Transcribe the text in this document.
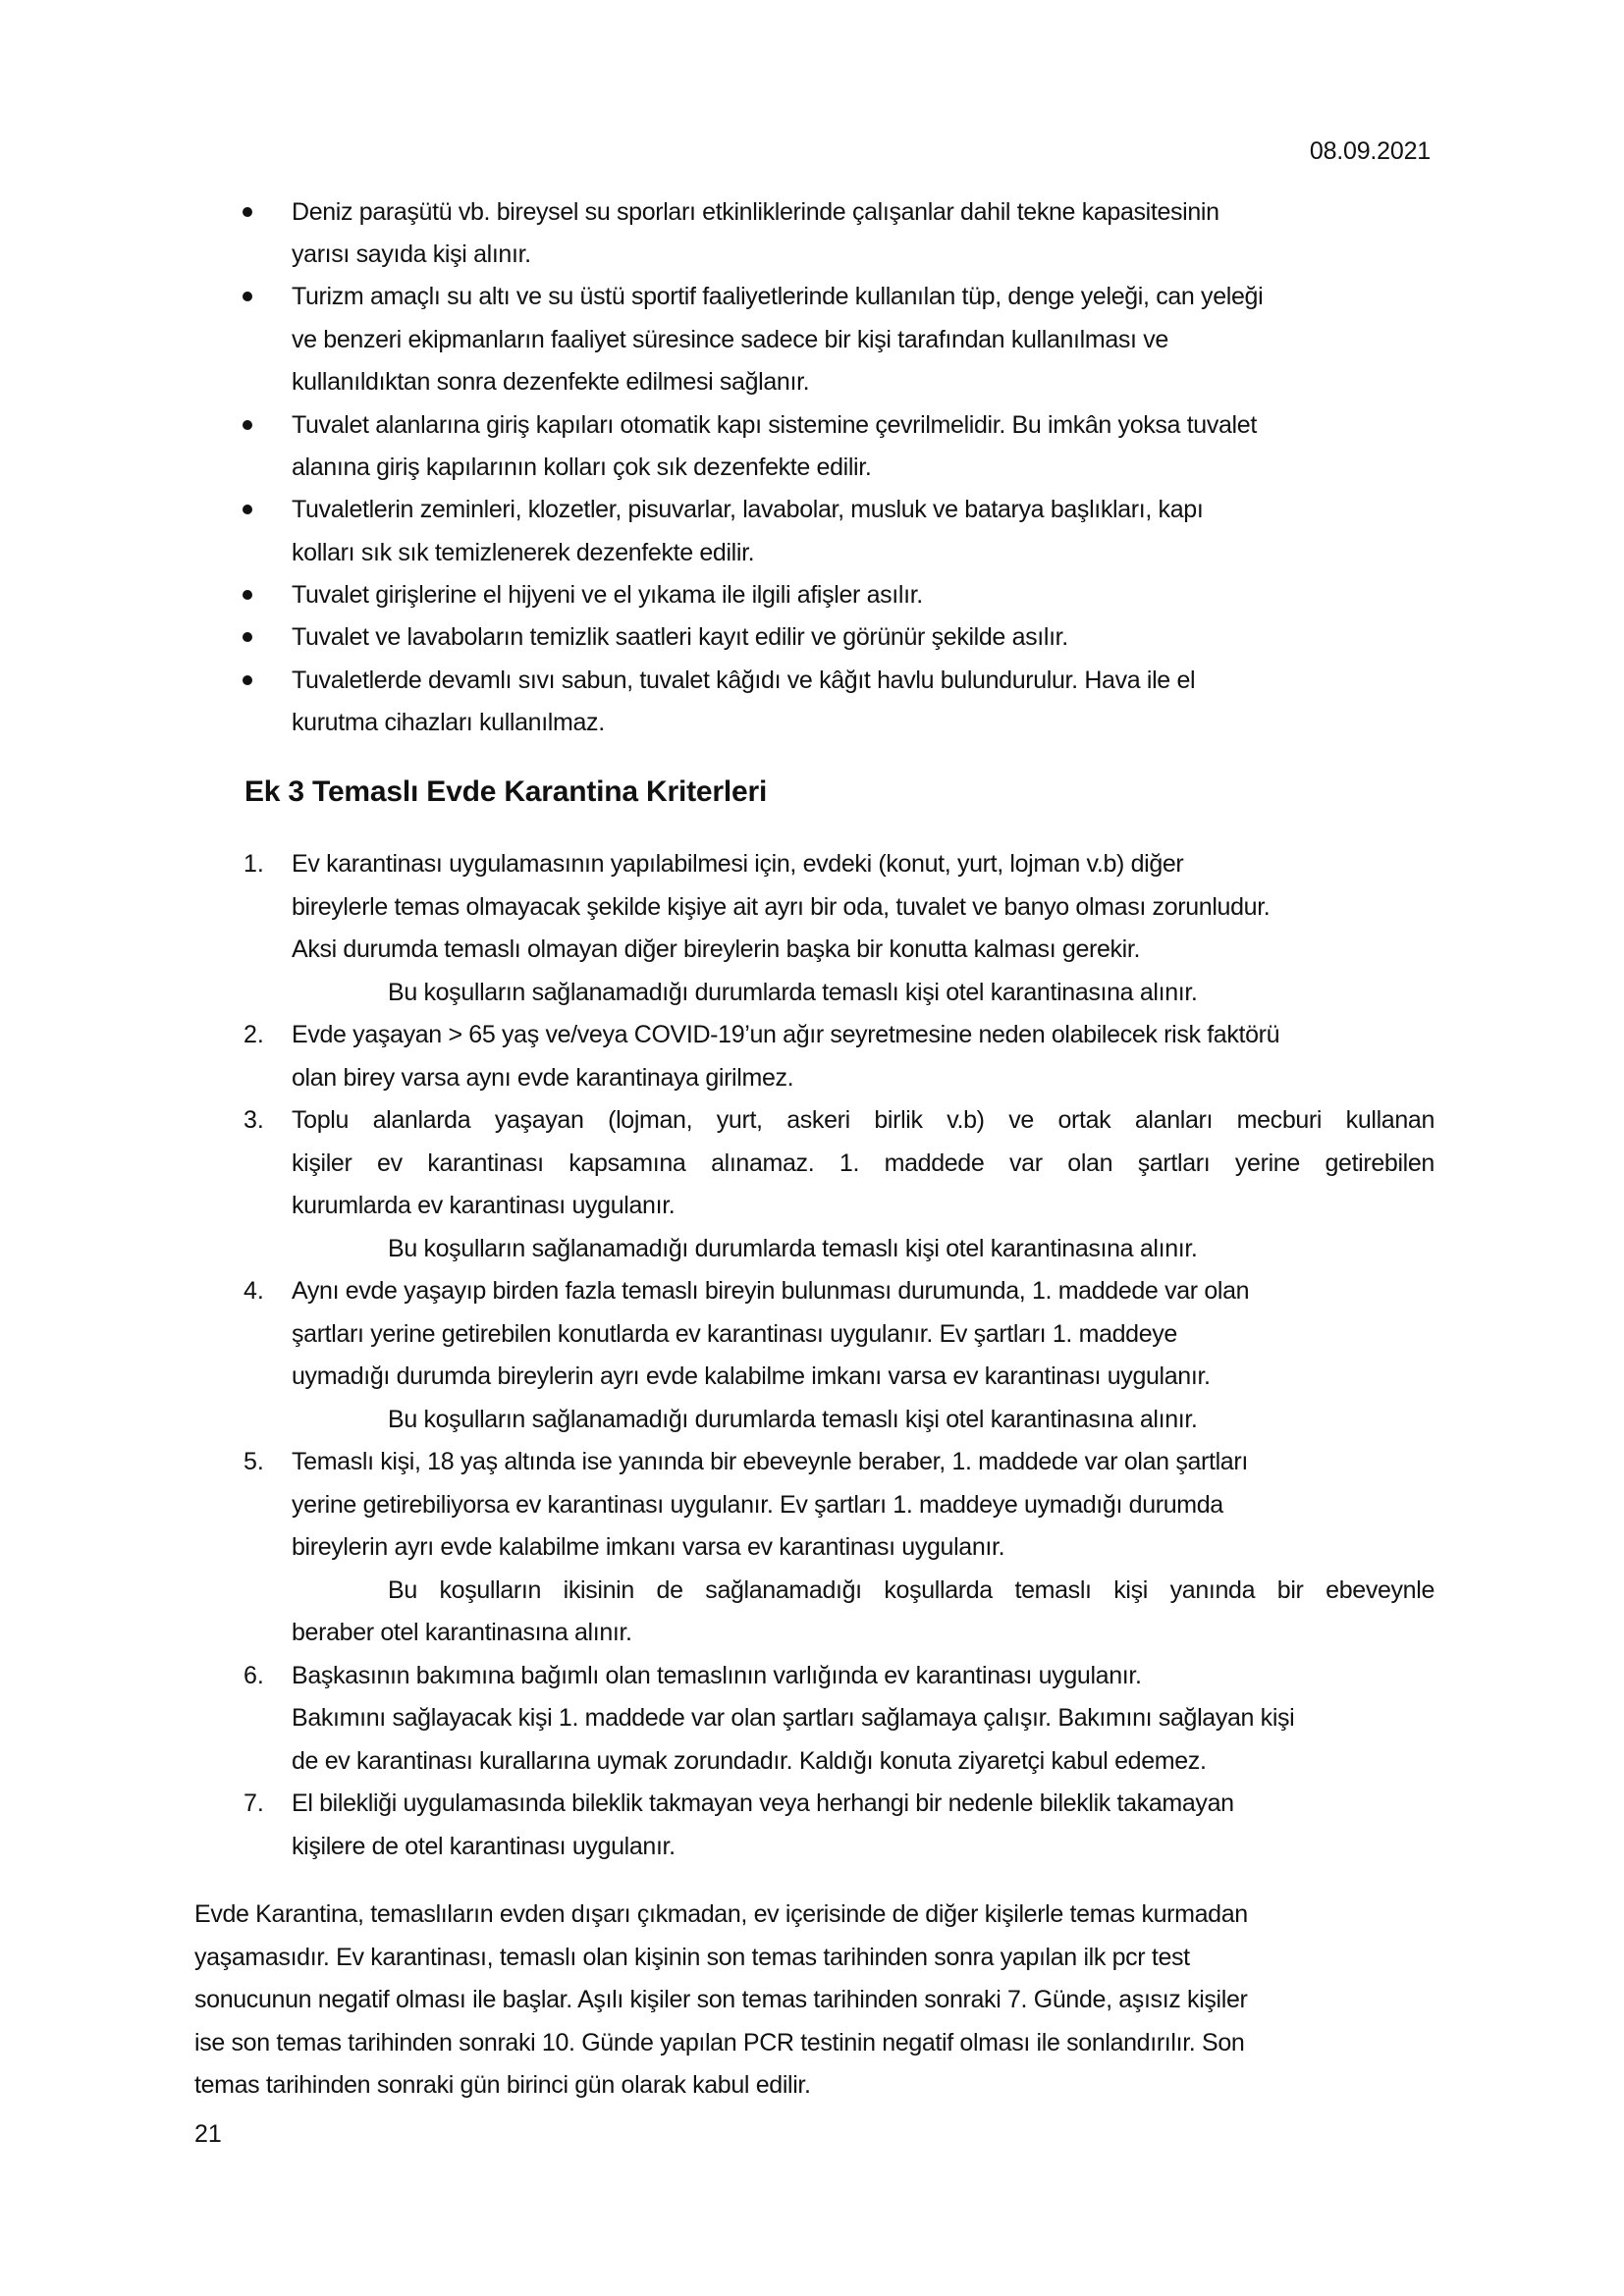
08.09.2021
Deniz paraşütü vb. bireysel su sporları etkinliklerinde çalışanlar dahil tekne kapasitesinin
yarısı sayıda kişi alınır.
Turizm amaçlı su altı ve su üstü sportif faaliyetlerinde kullanılan tüp, denge yeleği, can yeleği
ve benzeri ekipmanların faaliyet süresince sadece bir kişi tarafından kullanılması ve
kullanıldıktan sonra dezenfekte edilmesi sağlanır.
Tuvalet alanlarına giriş kapıları otomatik kapı sistemine çevrilmelidir. Bu imkân yoksa tuvalet
alanına giriş kapılarının kolları çok sık dezenfekte edilir.
Tuvaletlerin zeminleri, klozetler, pisuvarlar, lavabolar, musluk ve batarya başlıkları, kapı
kolları sık sık temizlenerek dezenfekte edilir.
Tuvalet girişlerine el hijyeni ve el yıkama ile ilgili afişler asılır.
Tuvalet ve lavaboların temizlik saatleri kayıt edilir ve görünür şekilde asılır.
Tuvaletlerde devamlı sıvı sabun, tuvalet kâğıdı ve kâğıt havlu bulundurulur. Hava ile el
kurutma cihazları kullanılmaz.
Ek 3 Temaslı Evde Karantina Kriterleri
1. Ev karantinası uygulamasının yapılabilmesi için, evdeki (konut, yurt, lojman v.b) diğer
bireylerle temas olmayacak şekilde kişiye ait ayrı bir oda, tuvalet ve banyo olması zorunludur.
Aksi durumda temaslı olmayan diğer bireylerin başka bir konutta kalması gerekir.
Bu koşulların sağlanamadığı durumlarda temaslı kişi otel karantinasına alınır.
2. Evde yaşayan > 65 yaş ve/veya COVID-19’un ağır seyretmesine neden olabilecek risk faktörü
olan birey varsa aynı evde karantinaya girilmez.
3. Toplu alanlarda yaşayan (lojman, yurt, askeri birlik v.b) ve ortak alanları mecburi kullanan
kişiler ev karantinası kapsamına alınamaz. 1. maddede var olan şartları yerine getirebilen
kurumlarda ev karantinası uygulanır.
Bu koşulların sağlanamadığı durumlarda temaslı kişi otel karantinasına alınır.
4. Aynı evde yaşayıp birden fazla temaslı bireyin bulunması durumunda, 1. maddede var olan
şartları yerine getirebilen konutlarda ev karantinası uygulanır. Ev şartları 1. maddeye
uymadığı durumda bireylerin ayrı evde kalabilme imkanı varsa ev karantinası uygulanır.
Bu koşulların sağlanamadığı durumlarda temaslı kişi otel karantinasına alınır.
5. Temaslı kişi, 18 yaş altında ise yanında bir ebeveynle beraber, 1. maddede var olan şartları
yerine getirebiliyorsa ev karantinası uygulanır. Ev şartları 1. maddeye uymadığı durumda
bireylerin ayrı evde kalabilme imkanı varsa ev karantinası uygulanır.
Bu koşulların ikisinin de sağlanamadığı koşullarda temaslı kişi yanında bir ebeveynle
beraber otel karantinasına alınır.
6. Başkasının bakımına bağımlı olan temaslının varlığında ev karantinası uygulanır.
Bakımını sağlayacak kişi 1. maddede var olan şartları sağlamaya çalışır. Bakımını sağlayan kişi
de ev karantinası kurallarına uymak zorundadır. Kaldığı konuta ziyaretçi kabul edemez.
7. El bilekliği uygulamasında bileklik takmayan veya herhangi bir nedenle bileklik takamayan
kişilere de otel karantinası uygulanır.
Evde Karantina, temaslıların evden dışarı çıkmadan, ev içerisinde de diğer kişilerle temas kurmadan
yaşamasıdır. Ev karantinası, temaslı olan kişinin son temas tarihinden sonra yapılan ilk pcr test
sonucunun negatif olması ile başlar. Aşılı kişiler son temas tarihinden sonraki 7. Günde, aşısız kişiler
ise son temas tarihinden sonraki 10. Günde yapılan PCR testinin negatif olması ile sonlandırılır. Son
temas tarihinden sonraki gün birinci gün olarak kabul edilir.
21
